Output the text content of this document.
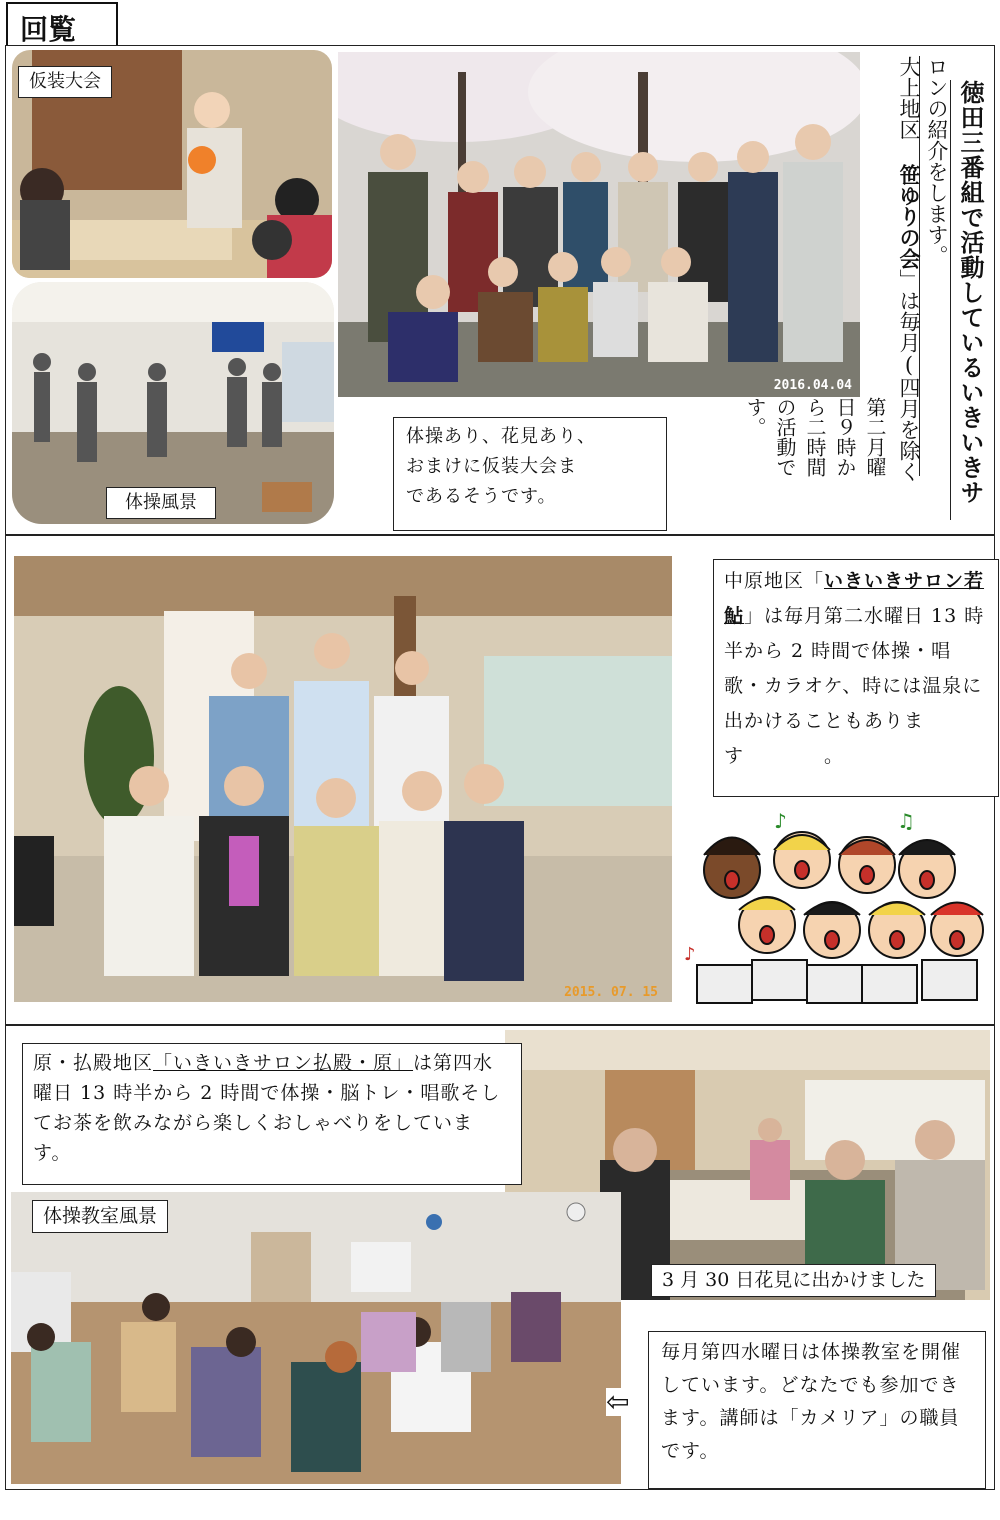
回覧
仮装大会
体操風景
2016.04.04
体操あり、花見あり、
おまけに仮装大会ま
であるそうです。	徳田三番組で活動しているいきいきサ
ロンの紹介をします。
大上地区 笹ゆりの会」は毎月(四月を除く
第二月曜
日９時か
ら二時間
の活動で
す。
2015. 07. 15
中原地区「いきいきサロン若鮎」は毎月第二水曜日 13 時半から 2 時間で体操・唱歌・カラオケ、時には温泉に出かけることもあります　　　　。
♪	♫
♪
原・払殿地区「いきいきサロン払殿・原」は第四水曜日 13 時半から 2 時間で体操・脳トレ・唱歌そしてお茶を飲みながら楽しくおしゃべりをしています。
体操教室風景
3 月 30 日花見に出かけました
⇦
毎月第四水曜日は体操教室を開催しています。どなたでも参加できます。講師は「カメリア」の職員です。
